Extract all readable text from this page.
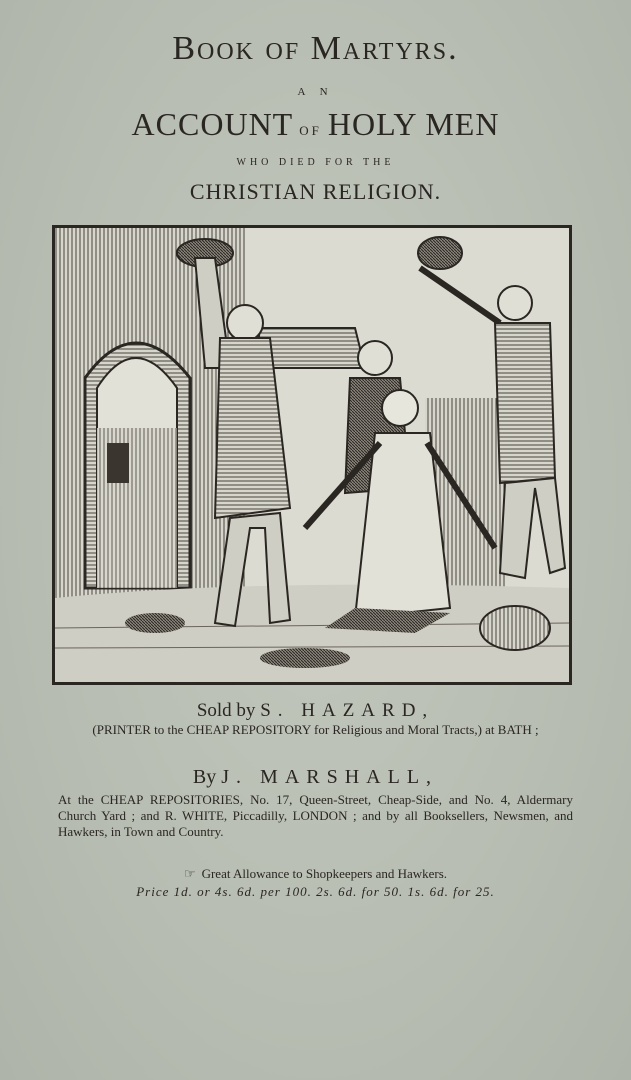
Book of Martyrs.
A N
ACCOUNT of HOLY MEN
WHO DIED FOR THE
CHRISTIAN RELIGION.
Sold by S. HAZARD,
(PRINTER to the CHEAP REPOSITORY for Religious and Moral Tracts,) at BATH ;
By J. MARSHALL,
At the CHEAP REPOSITORIES, No. 17, Queen-Street, Cheap-Side, and No. 4, Aldermary Church Yard ; and R. WHITE, Piccadilly, LONDON ; and by all Booksellers, Newsmen, and Hawkers, in Town and Country.
☞ Great Allowance to Shopkeepers and Hawkers.
Price 1d. or 4s. 6d. per 100. 2s. 6d. for 50. 1s. 6d. for 25.
